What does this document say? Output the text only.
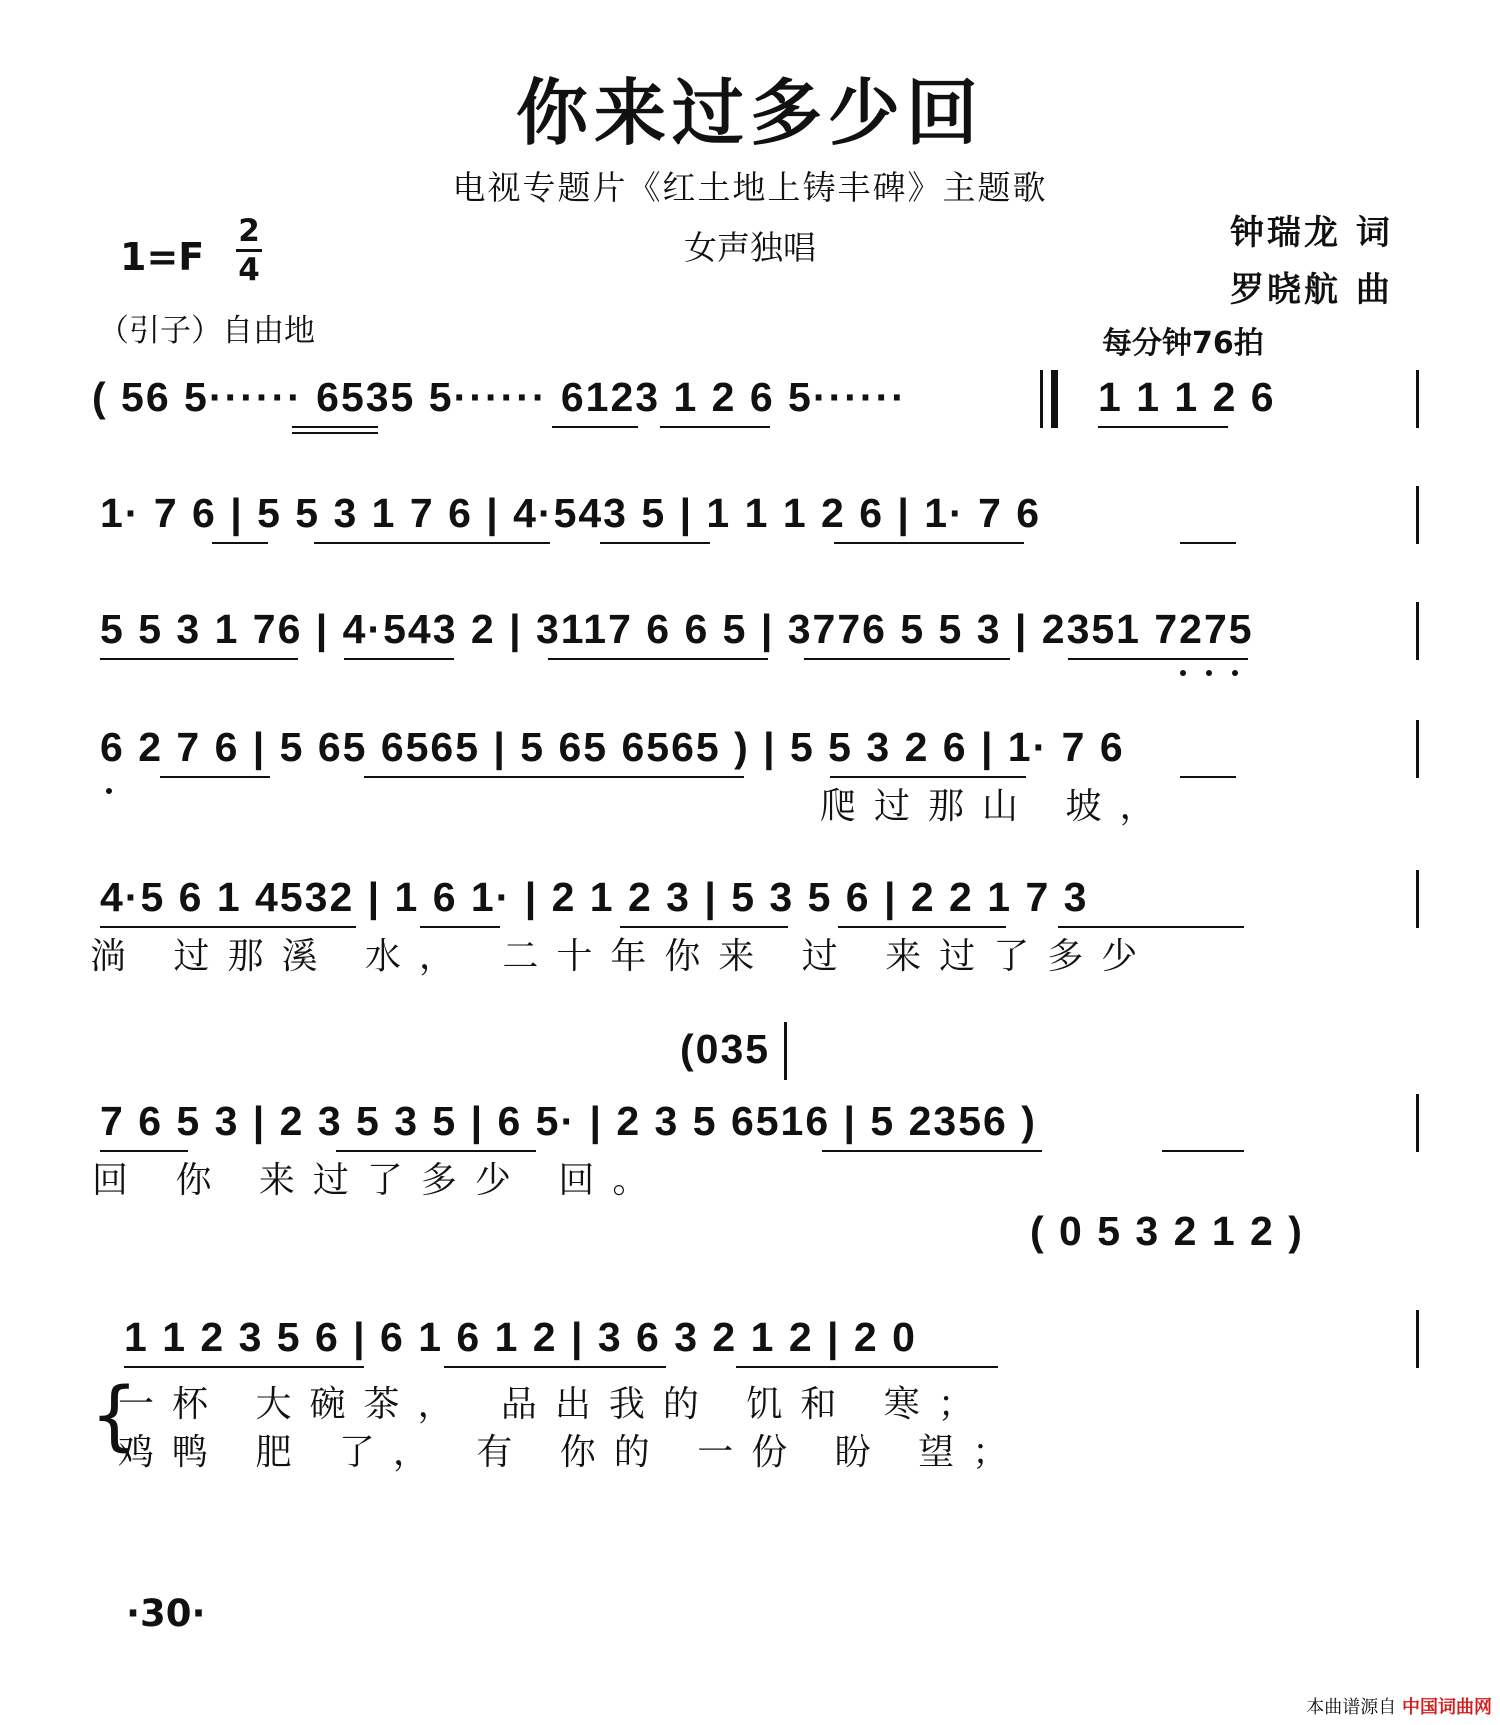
你来过多少回
电视专题片《红土地上铸丰碑》主题歌
女声独唱	钟瑞龙 词
罗晓航 曲
1=F
2
4
（引子）自由地	每分钟76拍
( 56 5······ 6535 5······ 6123 1 2 6 5······	1 1 1 2 6
1· 7 6 | 5 5 3 1 7 6 | 4·543 5 | 1 1 1 2 6 | 1· 7 6
5 5 3 1 76 | 4·543 2 | 3117 6 6 5 | 3776 5 5 3 | 2351 7275
6 2 7 6 | 5 65 6565 | 5 65 6565 ) | 5 5 3 2 6 | 1· 7 6
爬过那山 坡，
4·5 6 1 4532 | 1 6 1· | 2 1 2 3 | 5 3 5 6 | 2 2 1 7 3
淌 过那溪 水， 二十年你来 过 来过了多少
(035
7 6 5 3 | 2 3 5 3 5 | 6 5· | 2 3 5 6516 | 5 2356 )
回 你 来过了多少 回。
( 0 5 3 2 1 2 )
1 1 2 3 5 6 | 6 1 6 1 2 | 3 6 3 2 1 2 | 2 0
{
一杯 大碗茶， 品出我的 饥和 寒；
鸡鸭 肥 了， 有 你的 一份 盼 望；
·30·
本曲谱源自 中国词曲网
